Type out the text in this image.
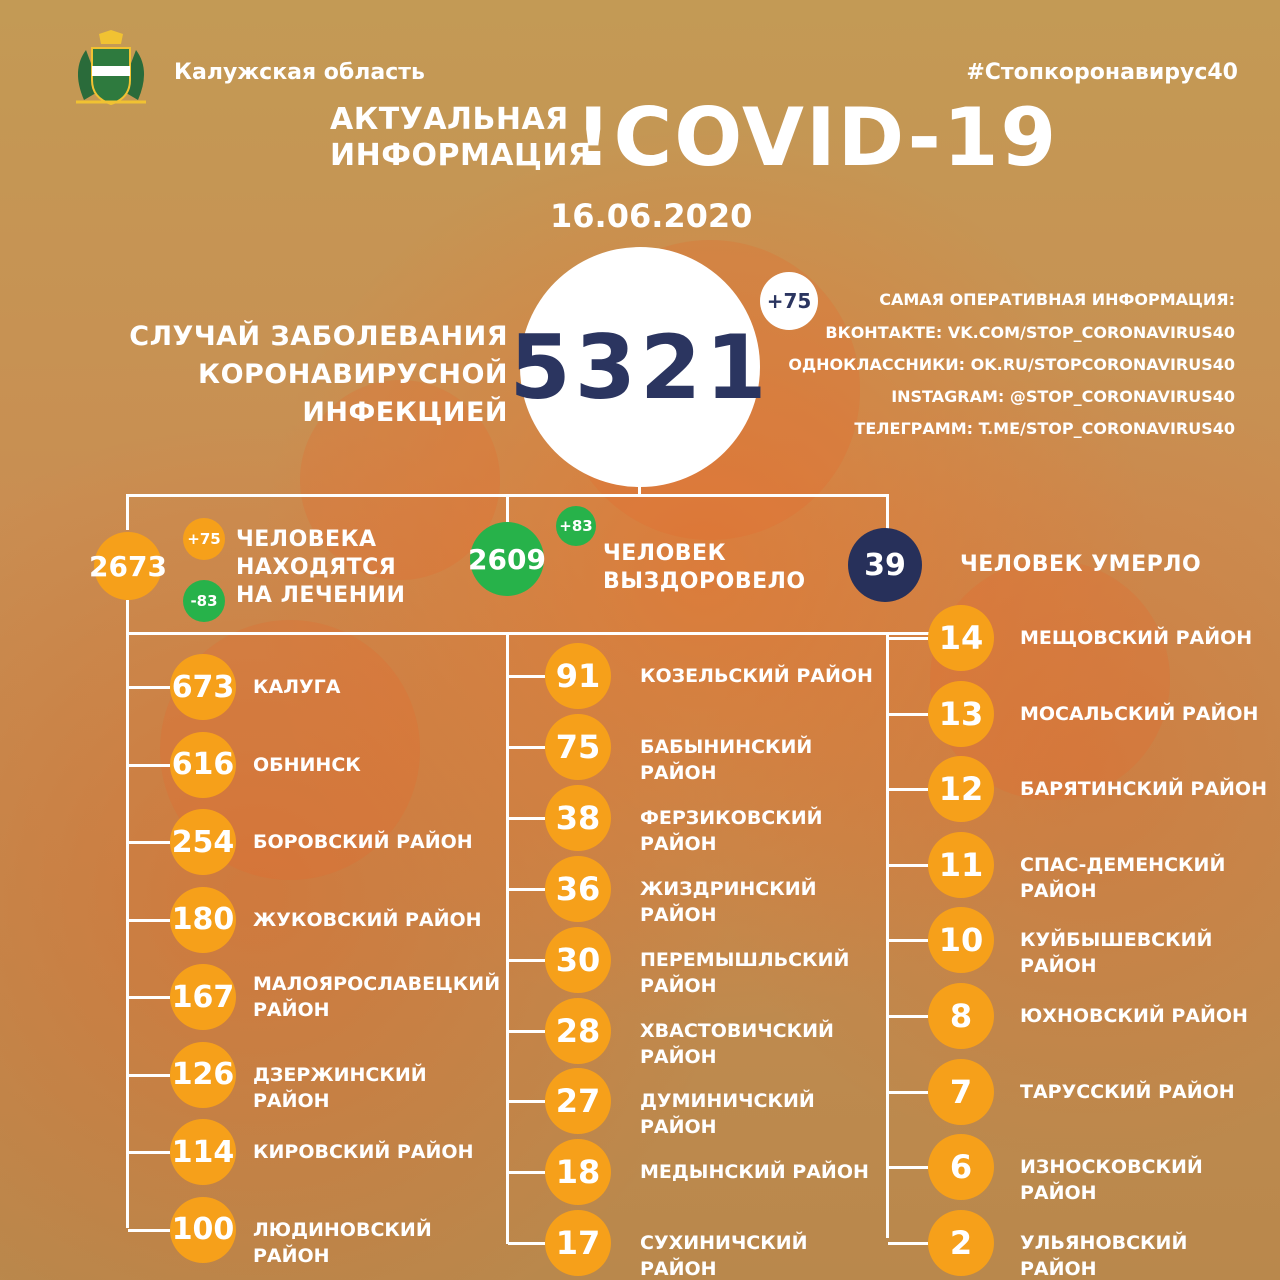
Калужская область	#Стопкоронавирус40
АКТУАЛЬНАЯ
ИНФОРМАЦИЯ
!COVID-19
16.06.2020
СЛУЧАЙ ЗАБОЛЕВАНИЯ
КОРОНАВИРУСНОЙ ИНФЕКЦИЕЙ 5321
+75	САМАЯ ОПЕРАТИВНАЯ ИНФОРМАЦИЯ:
ВКОНТАКТЕ: VK.COM/STOP_CORONAVIRUS40
ОДНОКЛАССНИКИ: OK.RU/STOPCORONAVIRUS40
INSTAGRAM: @STOP_CORONAVIRUS40
ТЕЛЕГРАММ: T.ME/STOP_CORONAVIRUS40
2673
+75
-83
ЧЕЛОВЕКА
НАХОДЯТСЯ
НА ЛЕЧЕНИИ
2609
+83
ЧЕЛОВЕК
ВЫЗДОРОВЕЛО 39 ЧЕЛОВЕК УМЕРЛО
673 КАЛУГА
616 ОБНИНСК
254 БОРОВСКИЙ РАЙОН
180 ЖУКОВСКИЙ РАЙОН
167 МАЛОЯРОСЛАВЕЦКИЙ РАЙОН
126 ДЗЕРЖИНСКИЙ РАЙОН
114 КИРОВСКИЙ РАЙОН
100 ЛЮДИНОВСКИЙ РАЙОН
91 КОЗЕЛЬСКИЙ РАЙОН
75 БАБЫНИНСКИЙ РАЙОН
38 ФЕРЗИКОВСКИЙ РАЙОН
36 ЖИЗДРИНСКИЙ РАЙОН
30 ПЕРЕМЫШЛЬСКИЙ РАЙОН
28 ХВАСТОВИЧСКИЙ РАЙОН
27 ДУМИНИЧСКИЙ РАЙОН
18 МЕДЫНСКИЙ РАЙОН
17 СУХИНИЧСКИЙ РАЙОН
14 МЕЩОВСКИЙ РАЙОН
13 МОСАЛЬСКИЙ РАЙОН
12 БАРЯТИНСКИЙ РАЙОН
11 СПАС-ДЕМЕНСКИЙ РАЙОН
10 КУЙБЫШЕВСКИЙ РАЙОН
8	ЮХНОВСКИЙ РАЙОН
7	ТАРУССКИЙ РАЙОН
6	ИЗНОСКОВСКИЙ РАЙОН
2	УЛЬЯНОВСКИЙ РАЙОН
